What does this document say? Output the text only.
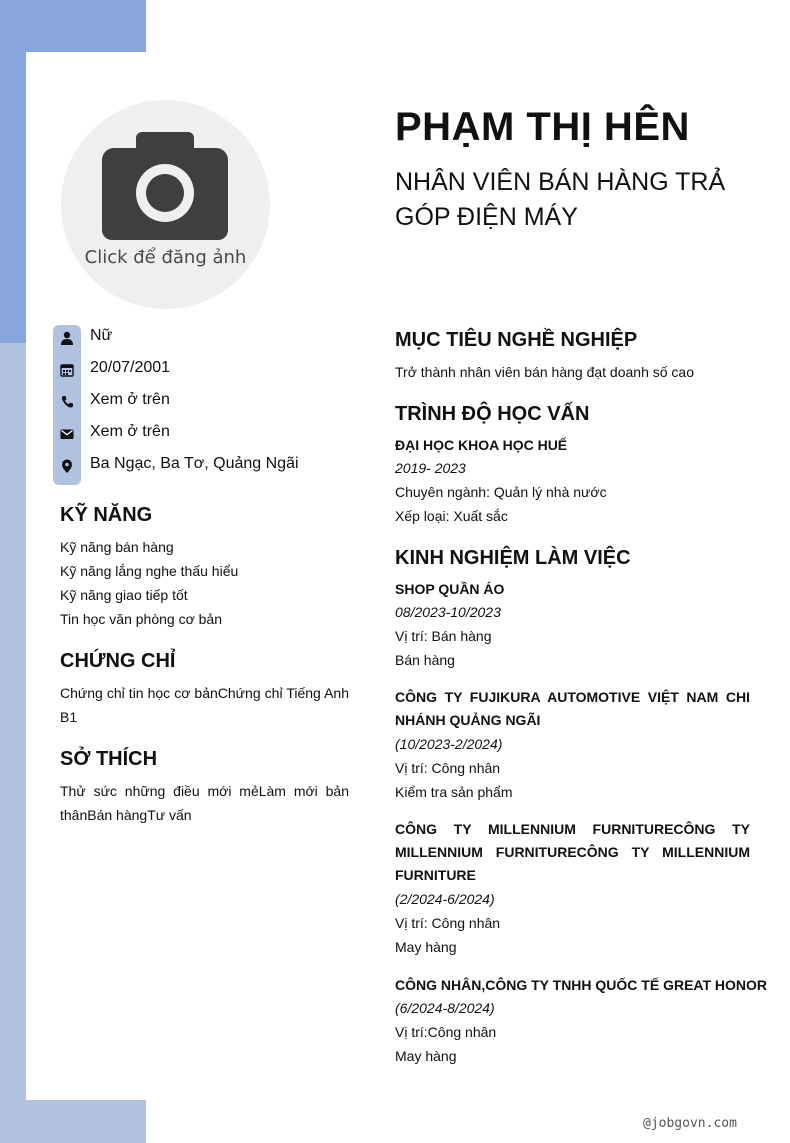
Click để đăng ảnh
PHẠM THỊ HÊN
NHÂN VIÊN BÁN HÀNG TRẢ GÓP ĐIỆN MÁY
Nữ
20/07/2001
Xem ở trên
Xem ở trên
Ba Ngạc, Ba Tơ, Quảng Ngãi
KỸ NĂNG
Kỹ năng bán hàng
Kỹ năng lắng nghe thấu hiểu
Kỹ năng giao tiếp tốt
Tin học văn phòng cơ bản
CHỨNG CHỈ
Chứng chỉ tin học cơ bảnChứng chỉ Tiếng Anh B1
SỞ THÍCH
Thử sức những điều mới mẻLàm mới bản thânBán hàngTư vấn
MỤC TIÊU NGHỀ NGHIỆP
Trở thành nhân viên bán hàng đạt doanh số cao
TRÌNH ĐỘ HỌC VẤN
ĐẠI HỌC KHOA HỌC HUẾ
2019- 2023
Chuyên ngành: Quản lý nhà nước
Xếp loại: Xuất sắc
KINH NGHIỆM LÀM VIỆC
SHOP QUẦN ÁO
08/2023-10/2023
Vị trí: Bán hàng
Bán hàng
CÔNG TY FUJIKURA AUTOMOTIVE VIỆT NAM CHI NHÁNH QUẢNG NGÃI
(10/2023-2/2024)
Vị trí: Công nhân
Kiểm tra sản phẩm
CÔNG TY MILLENNIUM FURNITURECÔNG TY MILLENNIUM FURNITURECÔNG TY MILLENNIUM FURNITURE
(2/2024-6/2024)
Vị trí: Công nhân
May hàng
CÔNG NHÂN,CÔNG TY TNHH QUỐC TẾ GREAT HONOR
(6/2024-8/2024)
Vị trí:Công nhân
May hàng
@jobgovn.com
